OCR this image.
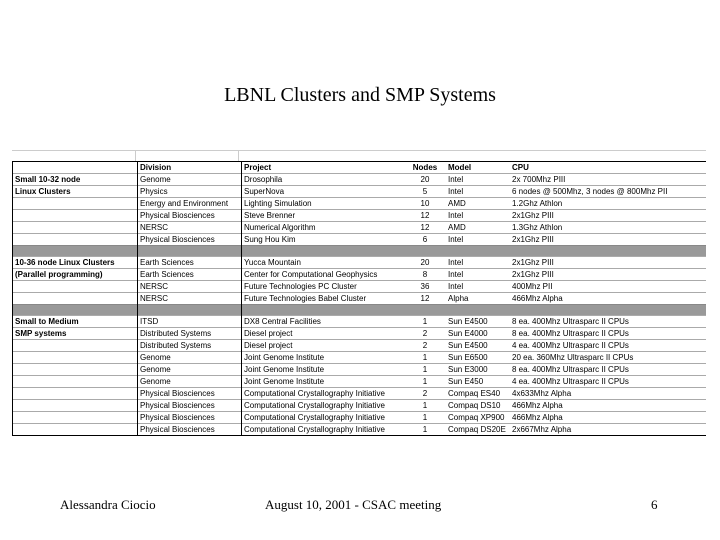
LBNL Clusters and SMP Systems
	Division	Project	Nodes	Model	CPU
Small 10-32 node	Genome	Drosophila	20	Intel	2x 700Mhz PIII
Linux Clusters	Physics	SuperNova	5	Intel	6 nodes @ 500Mhz, 3 nodes @ 800Mhz PII
	Energy and Environment	Lighting Simulation	10	AMD	1.2Ghz Athlon
	Physical Biosciences	Steve Brenner	12	Intel	2x1Ghz PIII
	NERSC	Numerical Algorithm	12	AMD	1.3Ghz Athlon
	Physical Biosciences	Sung Hou Kim	6	Intel	2x1Ghz PIII

10-36 node Linux Clusters	Earth Sciences	Yucca Mountain	20	Intel	2x1Ghz PIII
(Parallel programming)	Earth Sciences	Center for Computational Geophysics	8	Intel	2x1Ghz PIII
	NERSC	Future Technologies PC Cluster	36	Intel	400Mhz PII
	NERSC	Future Technologies Babel Cluster	12	Alpha	466Mhz Alpha

Small to Medium	ITSD	DX8 Central Facilities	1	Sun E4500	8 ea. 400Mhz Ultrasparc II CPUs
SMP systems	Distributed Systems	Diesel project	2	Sun E4000	8 ea. 400Mhz Ultrasparc II CPUs
	Distributed Systems	Diesel project	2	Sun E4500	4 ea. 400Mhz Ultrasparc II CPUs
	Genome	Joint Genome Institute	1	Sun E6500	20 ea. 360Mhz Ultrasparc II CPUs
	Genome	Joint Genome Institute	1	Sun E3000	8 ea. 400Mhz Ultrasparc II CPUs
	Genome	Joint Genome Institute	1	Sun E450	4 ea. 400Mhz Ultrasparc II CPUs
	Physical Biosciences	Computational Crystallography Initiative	2	Compaq ES40	4x633Mhz Alpha
	Physical Biosciences	Computational Crystallography Initiative	1	Compaq DS10	466Mhz Alpha
	Physical Biosciences	Computational Crystallography Initiative	1	Compaq XP900	466Mhz Alpha
	Physical Biosciences	Computational Crystallography Initiative	1	Compaq DS20E	2x667Mhz Alpha
Alessandra Ciocio	August 10, 2001 - CSAC meeting	6
